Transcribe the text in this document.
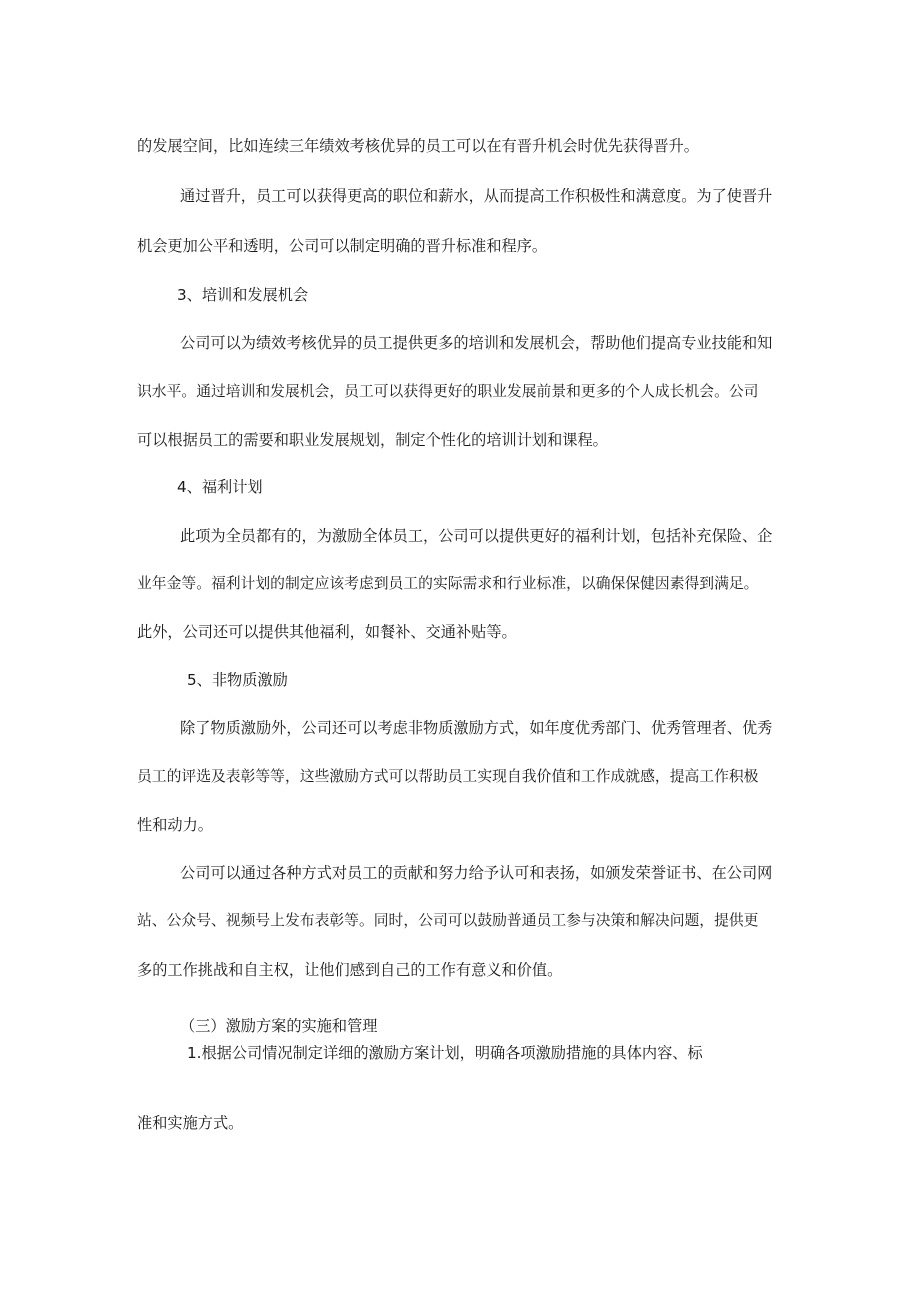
的发展空间，比如连续三年绩效考核优异的员工可以在有晋升机会时优先获得晋升。
通过晋升，员工可以获得更高的职位和薪水，从而提高工作积极性和满意度。为了使晋升
机会更加公平和透明，公司可以制定明确的晋升标准和程序。
3、培训和发展机会
公司可以为绩效考核优异的员工提供更多的培训和发展机会，帮助他们提高专业技能和知
识水平。通过培训和发展机会，员工可以获得更好的职业发展前景和更多的个人成长机会。公司
可以根据员工的需要和职业发展规划，制定个性化的培训计划和课程。
4、福利计划
此项为全员都有的，为激励全体员工，公司可以提供更好的福利计划，包括补充保险、企
业年金等。福利计划的制定应该考虑到员工的实际需求和行业标准，以确保保健因素得到满足。
此外，公司还可以提供其他福利，如餐补、交通补贴等。
5、非物质激励
除了物质激励外，公司还可以考虑非物质激励方式，如年度优秀部门、优秀管理者、优秀
员工的评选及表彰等等，这些激励方式可以帮助员工实现自我价值和工作成就感，提高工作积极
性和动力。
公司可以通过各种方式对员工的贡献和努力给予认可和表扬，如颁发荣誉证书、在公司网
站、公众号、视频号上发布表彰等。同时，公司可以鼓励普通员工参与决策和解决问题，提供更
多的工作挑战和自主权，让他们感到自己的工作有意义和价值。
（三）激励方案的实施和管理
1.根据公司情况制定详细的激励方案计划，明确各项激励措施的具体内容、标
准和实施方式。
